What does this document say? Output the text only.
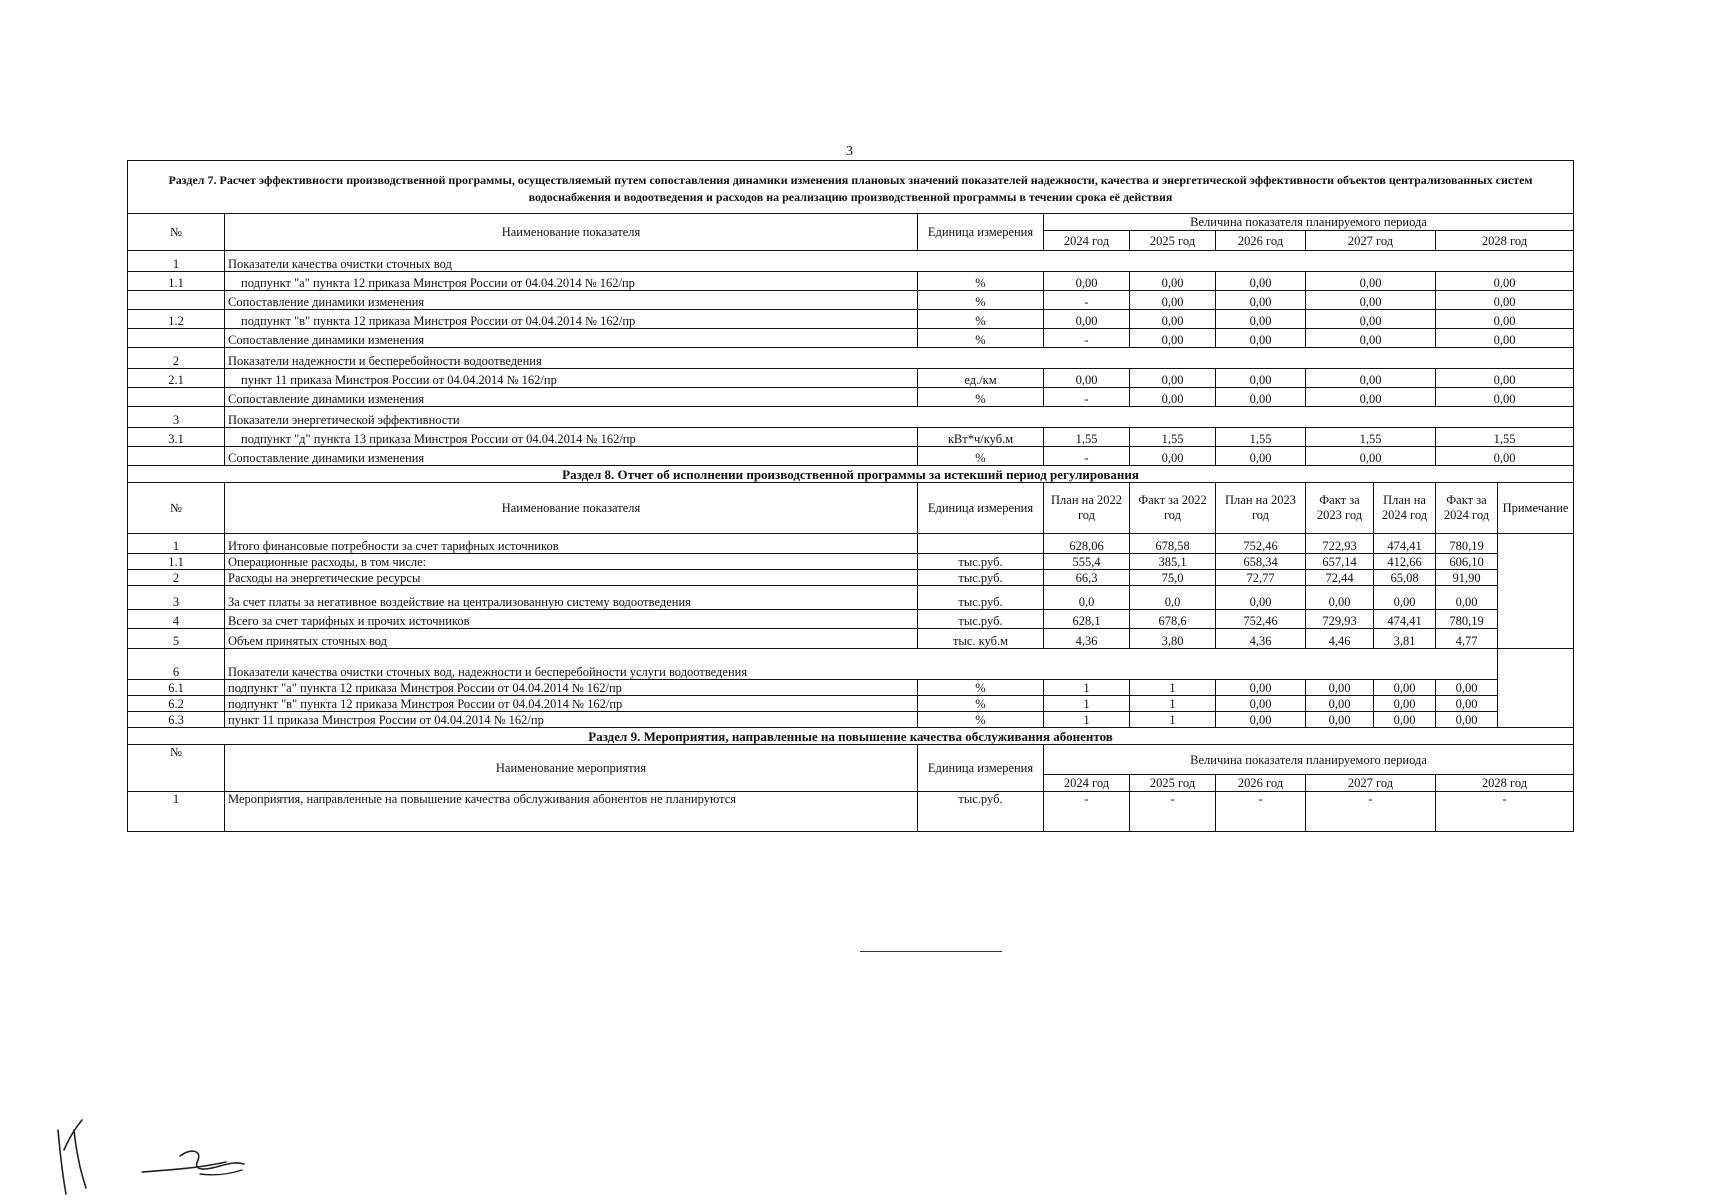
3
Раздел 7. Расчет эффективности производственной программы, осуществляемый путем сопоставления динамики изменения плановых значений показателей надежности, качества и энергетической эффективности объектов централизованных систем водоснабжения и водоотведения и расходов на реализацию производственной программы в течении срока её действия									
№	Наименование показателя	Единица измерения	Величина показателя планируемого периода						
			2024 год	2025 год	2026 год	2027 год		2028 год	
1	Показатели качества очистки сточных вод								
1.1	подпункт "а" пункта 12 приказа Минстроя России от 04.04.2014 № 162/пр	%	0,00	0,00	0,00	0,00		0,00	
	Сопоставление динамики изменения	%	-	0,00	0,00	0,00		0,00	
1.2	подпункт "в" пункта 12 приказа Минстроя России от 04.04.2014 № 162/пр	%	0,00	0,00	0,00	0,00		0,00	
	Сопоставление динамики изменения	%	-	0,00	0,00	0,00		0,00	
2	Показатели надежности и бесперебойности водоотведения								
2.1	пункт 11 приказа Минстроя России от 04.04.2014 № 162/пр	ед./км	0,00	0,00	0,00	0,00		0,00	
	Сопоставление динамики изменения	%	-	0,00	0,00	0,00		0,00	
3	Показатели энергетической эффективности								
3.1	подпункт "д" пункта 13 приказа Минстроя России от 04.04.2014 № 162/пр	кВт*ч/куб.м	1,55	1,55	1,55	1,55		1,55	
	Сопоставление динамики изменения	%	-	0,00	0,00	0,00		0,00	
Раздел 8. Отчет об исполнении производственной программы за истекший период регулирования									
№	Наименование показателя	Единица измерения	План на 2022 год	Факт за 2022 год	План на 2023 год	Факт за 2023 год	План на 2024 год	Факт за 2024 год	Примечание
1	Итого финансовые потребности за счет тарифных источников		628,06	678,58	752,46	722,93	474,41	780,19	
1.1	Операционные расходы, в том числе:	тыс.руб.	555,4	385,1	658,34	657,14	412,66	606,10	
2	Расходы на энергетические ресурсы	тыс.руб.	66,3	75,0	72,77	72,44	65,08	91,90	
3	За счет платы за негативное воздействие на централизованную систему водоотведения	тыс.руб.	0,0	0,0	0,00	0,00	0,00	0,00	
4	Всего за счет тарифных и прочих источников	тыс.руб.	628,1	678,6	752,46	729,93	474,41	780,19	
5	Объем принятых сточных вод	тыс. куб.м	4,36	3,80	4,36	4,46	3,81	4,77	
6	Показатели качества очистки сточных вод, надежности и бесперебойности услуги водоотведения								
6.1	подпункт "а" пункта 12 приказа Минстроя России от 04.04.2014 № 162/пр	%	1	1	0,00	0,00	0,00	0,00	
6.2	подпункт "в" пункта 12 приказа Минстроя России от 04.04.2014 № 162/пр	%	1	1	0,00	0,00	0,00	0,00	
6.3	пункт 11 приказа Минстроя России от 04.04.2014 № 162/пр	%	1	1	0,00	0,00	0,00	0,00	
Раздел 9. Мероприятия, направленные на повышение качества обслуживания абонентов									
№	Наименование мероприятия	Единица измерения	Величина показателя планируемого периода						
			2024 год	2025 год	2026 год	2027 год		2028 год	
1	Мероприятия, направленные на повышение качества обслуживания абонентов не планируются	тыс.руб.	-	-	-	-		-	
